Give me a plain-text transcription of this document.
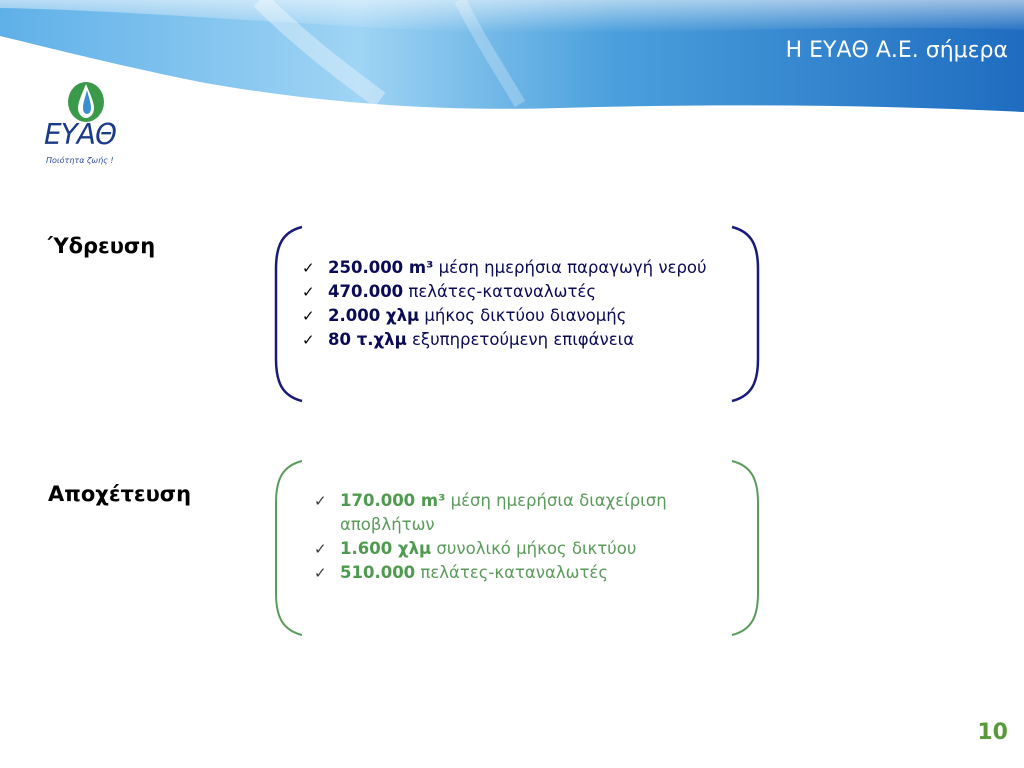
Η ΕΥΑΘ Α.Ε. σήμερα
ΕΥΑΘ
Ποιότητα ζωής !
Ύδρευση
✓ 250.000 m³ μέση ημερήσια παραγωγή νερού
✓ 470.000 πελάτες-καταναλωτές
✓ 2.000 χλμ μήκος δικτύου διανομής
✓ 80 τ.χλμ εξυπηρετούμενη επιφάνεια
Αποχέτευση	✓ 170.000 m³ μέση ημερήσια διαχείριση αποβλήτων
✓ 1.600 χλμ συνολικό μήκος δικτύου
✓ 510.000 πελάτες-καταναλωτές
10
